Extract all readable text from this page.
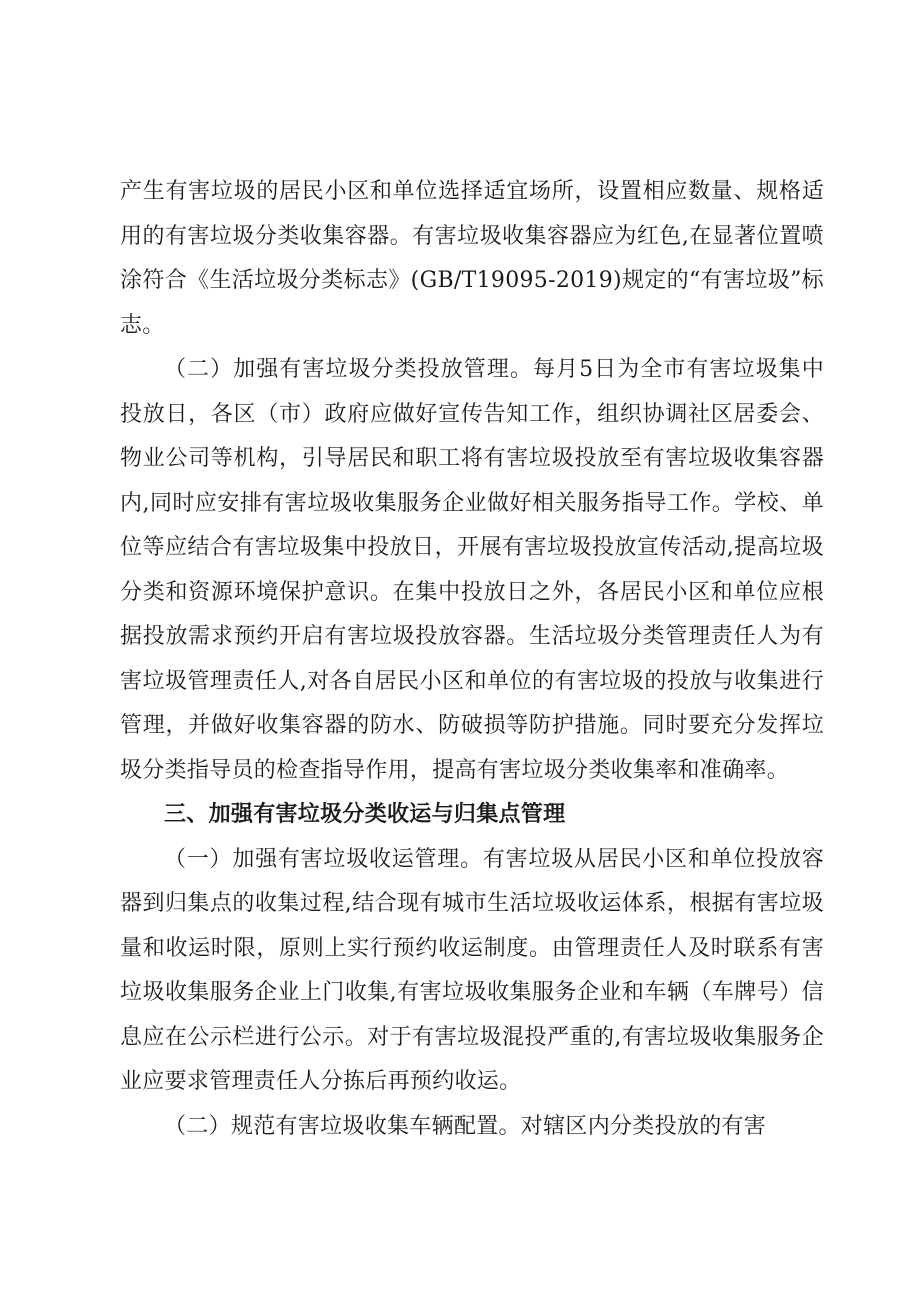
产生有害垃圾的居民小区和单位选择适宜场所，设置相应数量、规格适用的有害垃圾分类收集容器。有害垃圾收集容器应为红色,在显著位置喷涂符合《生活垃圾分类标志》(GB/T19095-2019)规定的“有害垃圾”标志。

（二）加强有害垃圾分类投放管理。每月5日为全市有害垃圾集中投放日，各区（市）政府应做好宣传告知工作，组织协调社区居委会、物业公司等机构，引导居民和职工将有害垃圾投放至有害垃圾收集容器内,同时应安排有害垃圾收集服务企业做好相关服务指导工作。学校、单位等应结合有害垃圾集中投放日，开展有害垃圾投放宣传活动,提高垃圾分类和资源环境保护意识。在集中投放日之外，各居民小区和单位应根据投放需求预约开启有害垃圾投放容器。生活垃圾分类管理责任人为有害垃圾管理责任人,对各自居民小区和单位的有害垃圾的投放与收集进行管理，并做好收集容器的防水、防破损等防护措施。同时要充分发挥垃圾分类指导员的检查指导作用，提高有害垃圾分类收集率和准确率。

三、加强有害垃圾分类收运与归集点管理

（一）加强有害垃圾收运管理。有害垃圾从居民小区和单位投放容器到归集点的收集过程,结合现有城市生活垃圾收运体系，根据有害垃圾量和收运时限，原则上实行预约收运制度。由管理责任人及时联系有害垃圾收集服务企业上门收集,有害垃圾收集服务企业和车辆（车牌号）信息应在公示栏进行公示。对于有害垃圾混投严重的,有害垃圾收集服务企业应要求管理责任人分拣后再预约收运。

（二）规范有害垃圾收集车辆配置。对辖区内分类投放的有害
